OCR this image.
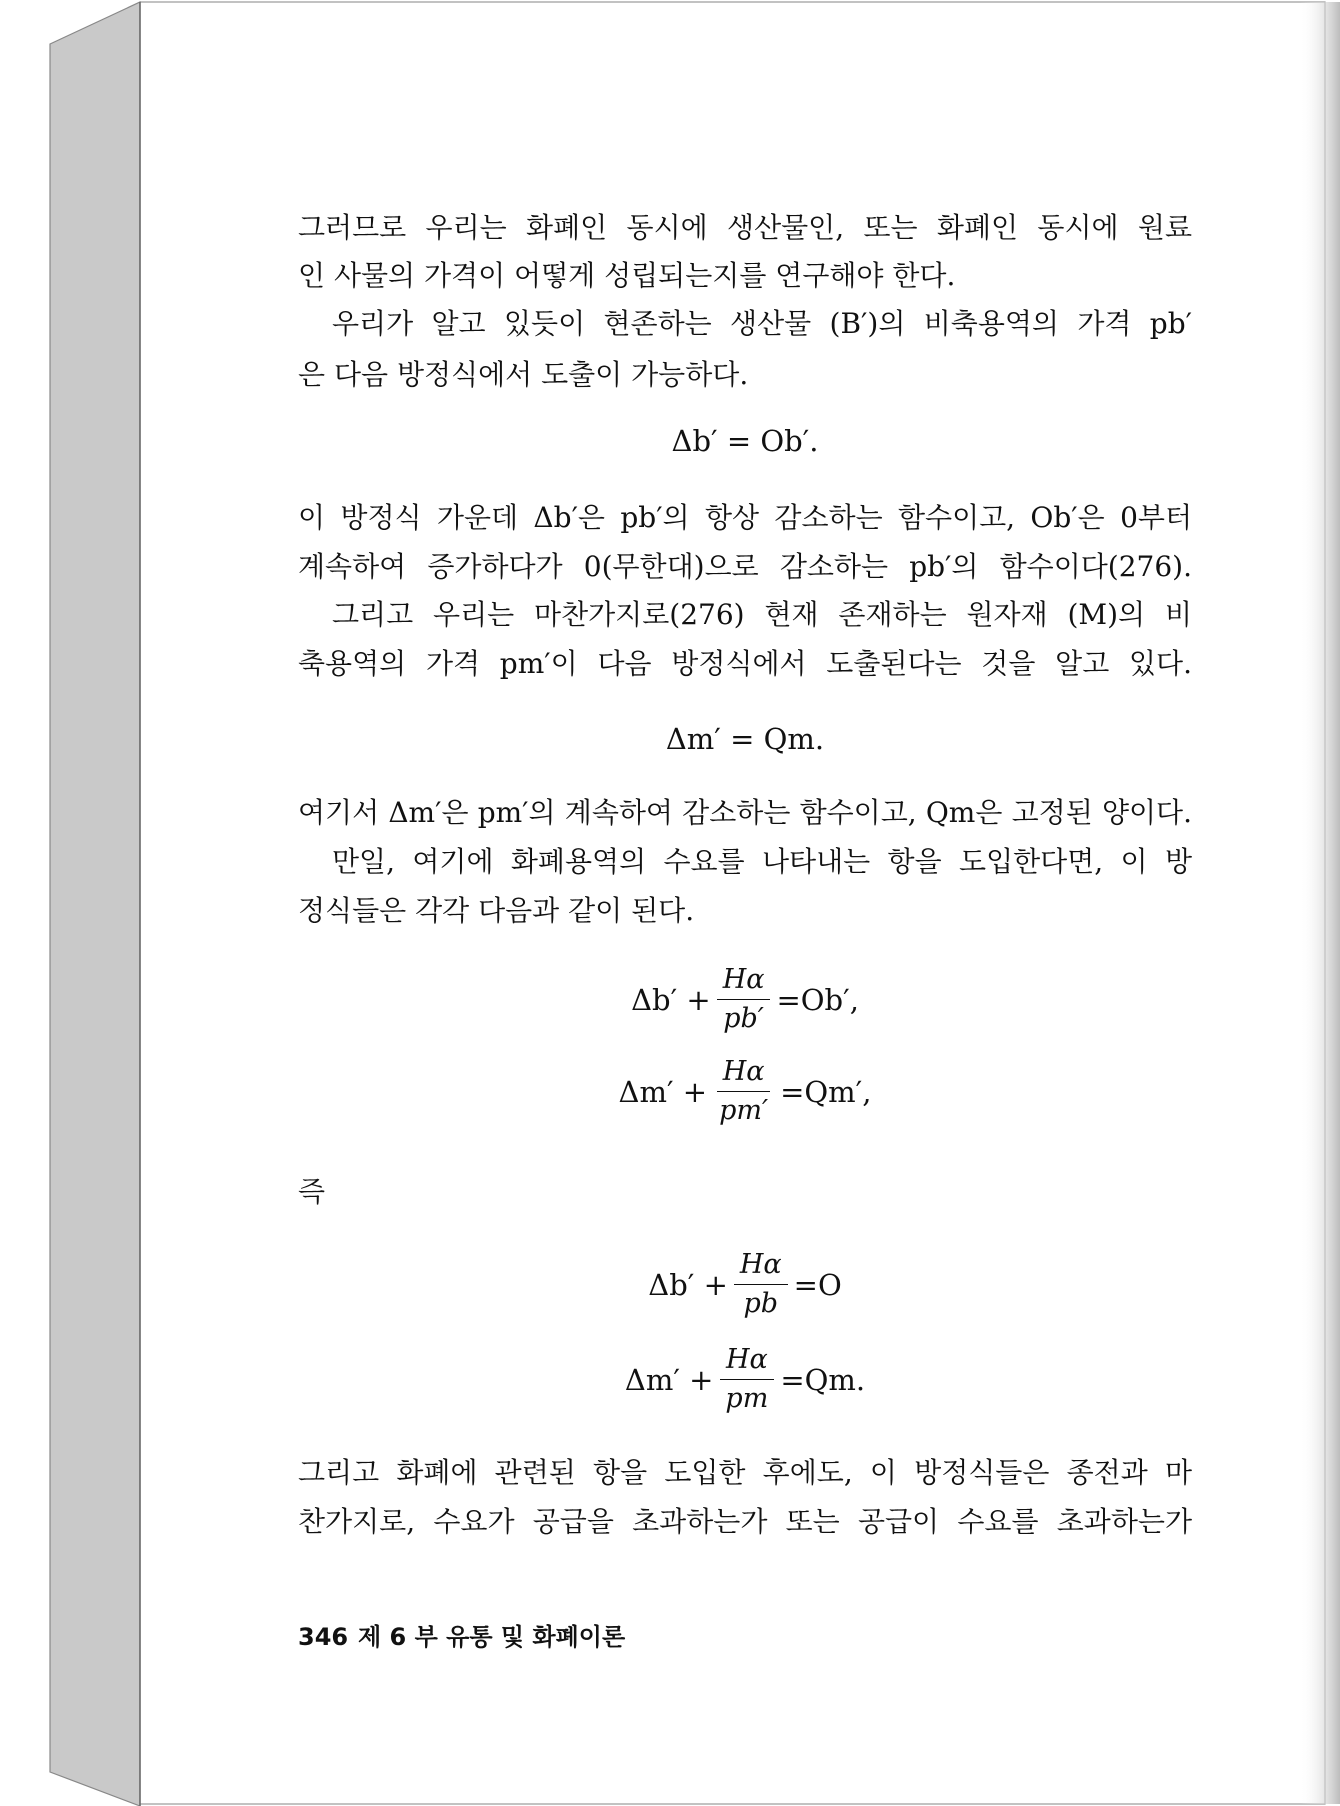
그러므로 우리는 화폐인 동시에 생산물인, 또는 화폐인 동시에 원료
인 사물의 가격이 어떻게 성립되는지를 연구해야 한다.
우리가 알고 있듯이 현존하는 생산물 (B′)의 비축용역의 가격 pb′
은 다음 방정식에서 도출이 가능하다.
Δb′ = Ob′.
이 방정식 가운데 Δb′은 pb′의 항상 감소하는 함수이고, Ob′은 0부터
계속하여 증가하다가 0(무한대)으로 감소하는 pb′의 함수이다(276).
그리고 우리는 마찬가지로(276) 현재 존재하는 원자재 (M)의 비
축용역의 가격 pm′이 다음 방정식에서 도출된다는 것을 알고 있다.
Δm′ = Qm.
여기서 Δm′은 pm′의 계속하여 감소하는 함수이고, Qm은 고정된 양이다.
만일, 여기에 화폐용역의 수요를 나타내는 항을 도입한다면, 이 방
정식들은 각각 다음과 같이 된다.
$\Delta b' + \frac{H\alpha}{pb'} =Ob'$,
$\Delta m' + \frac{H\alpha}{pm'} =Qm'$,
즉
$\Delta b' + \frac{H\alpha}{pb} =O$
$\Delta m' + \frac{H\alpha}{pm} =Qm$.
그리고 화폐에 관련된 항을 도입한 후에도, 이 방정식들은 종전과 마
찬가지로, 수요가 공급을 초과하는가 또는 공급이 수요를 초과하는가
346 제 6 부 유통 및 화폐이론
